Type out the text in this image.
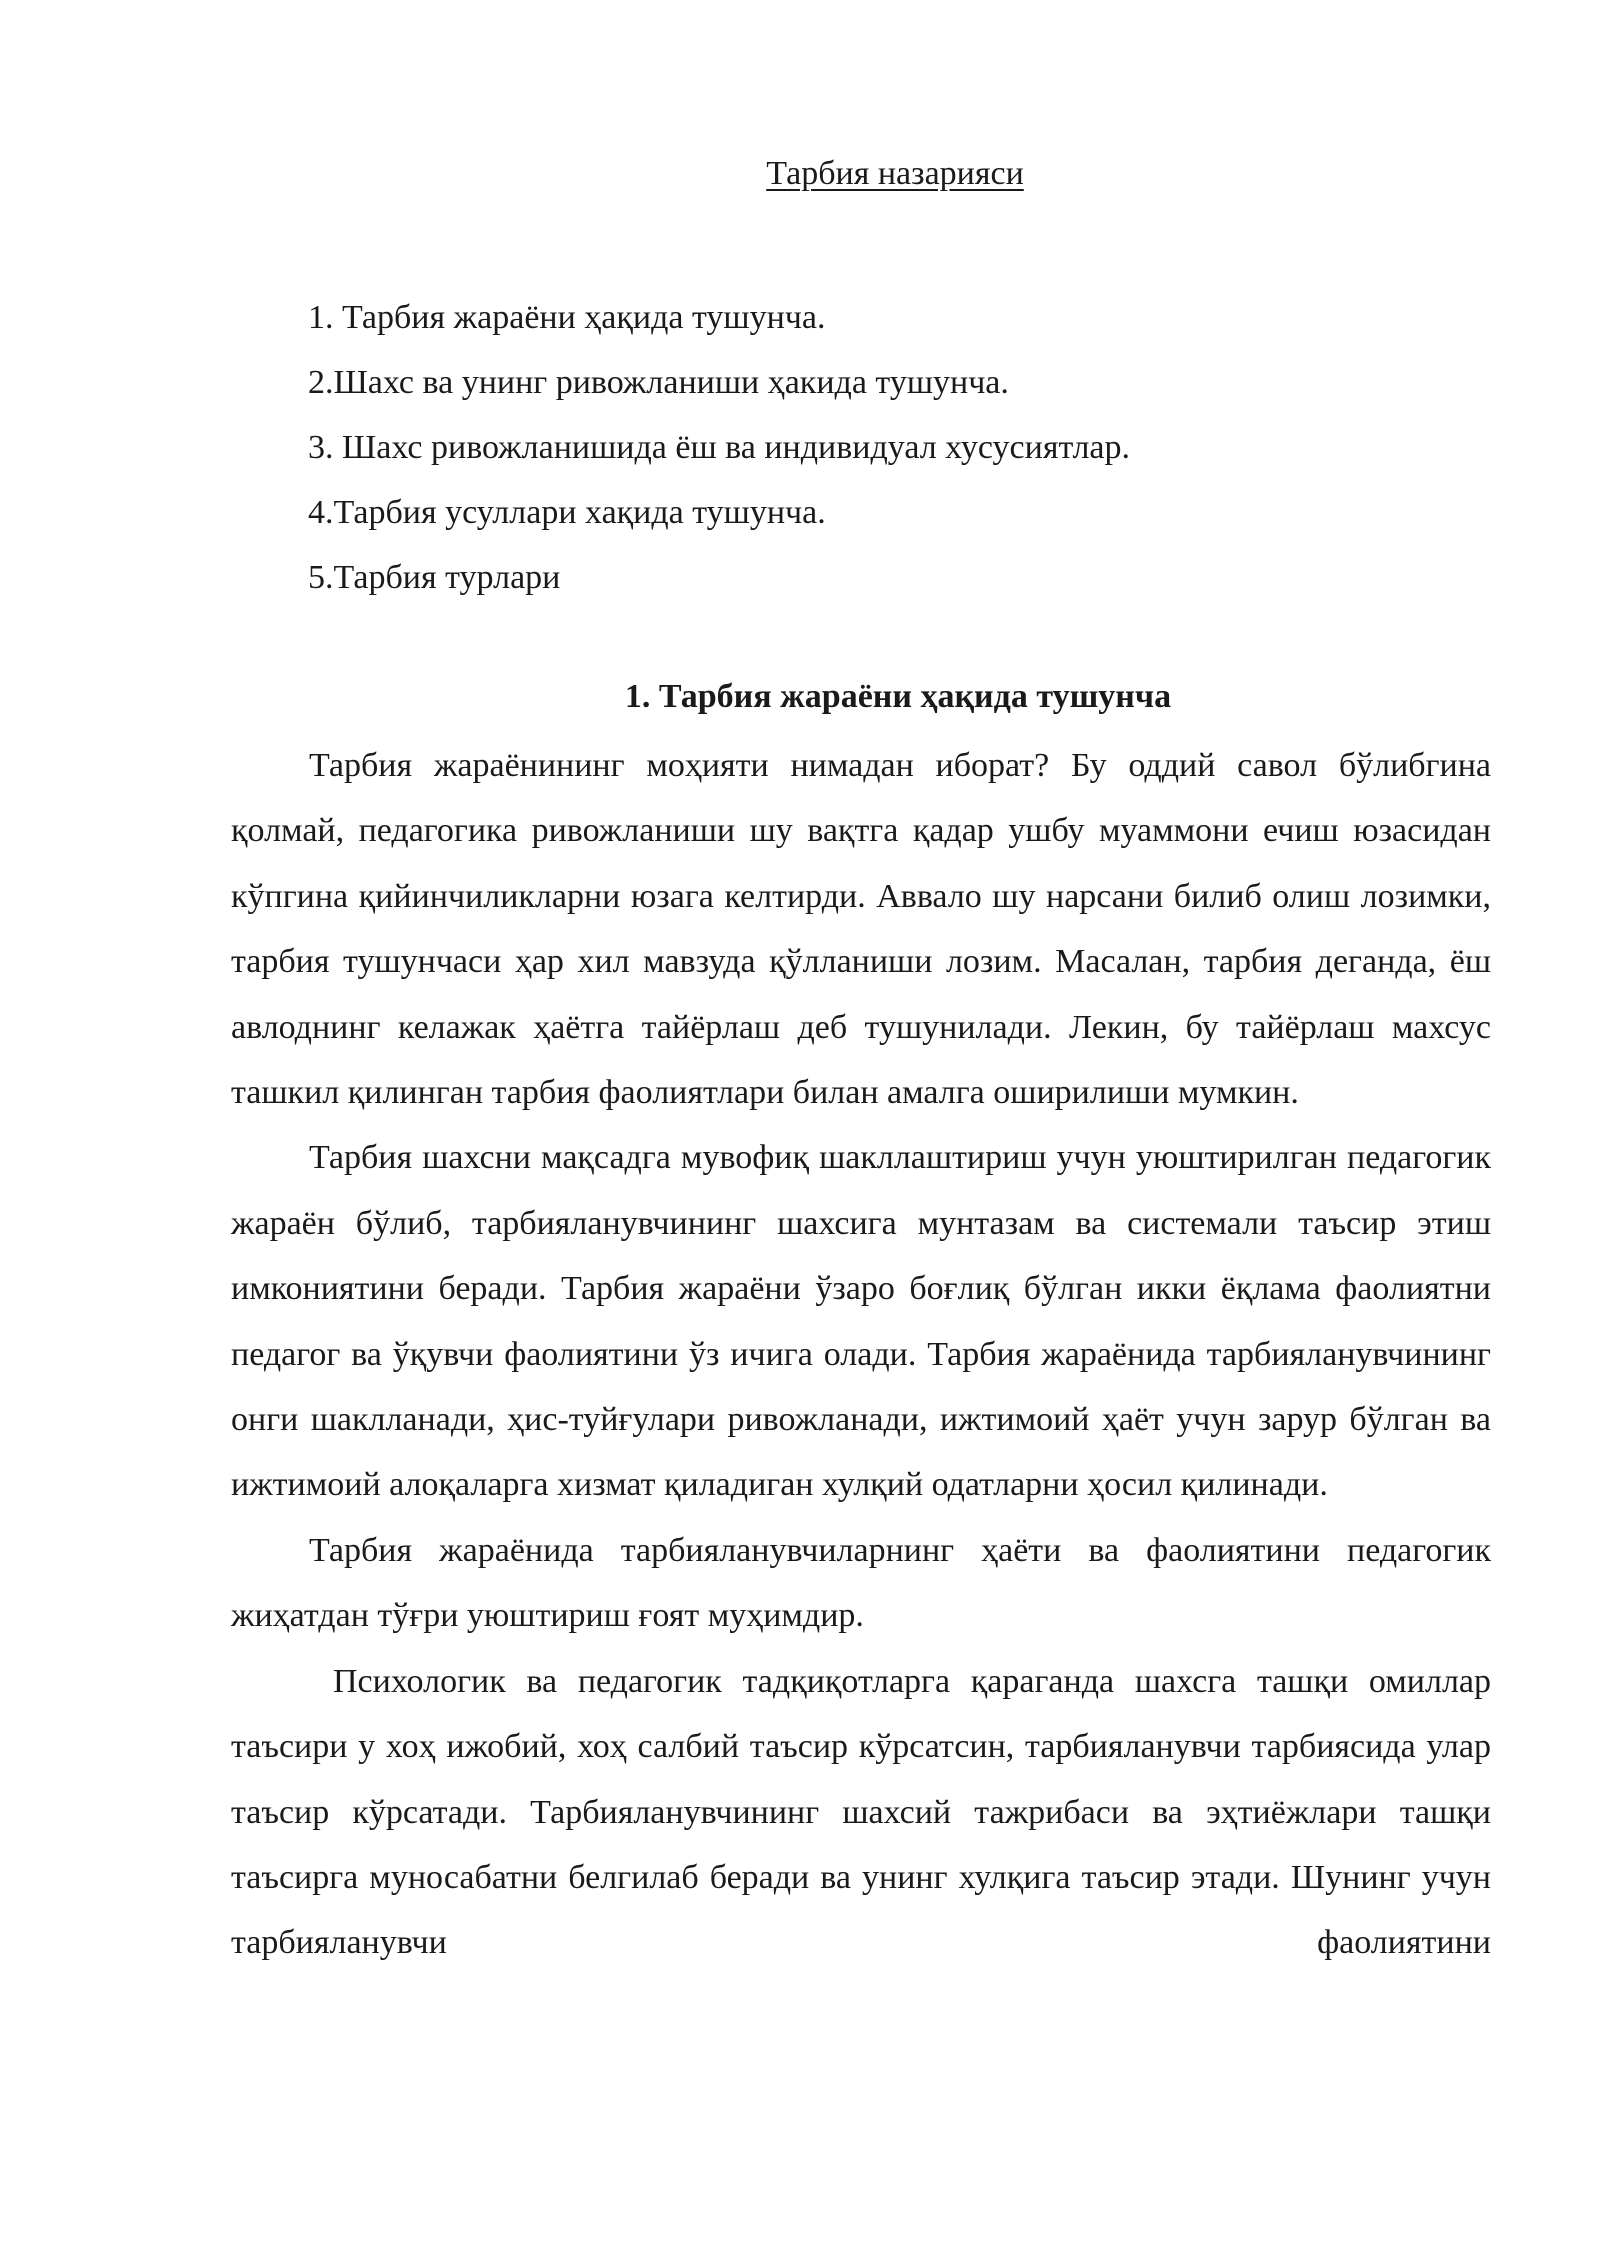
Тарбия назарияси
1. Тарбия жараёни ҳақида тушунча.
2.Шахс ва унинг ривожланиши ҳакида тушунча.
3. Шахс ривожланишида ёш ва индивидуал хусусиятлар.
4.Тарбия усуллари хақида тушунча.
5.Тарбия турлари
1. Тарбия жараёни ҳақида тушунча

Тарбия жараёнининг моҳияти нимадан иборат? Бу оддий савол бўлибгина қолмай, педагогика ривожланиши шу вақтга қадар ушбу муаммони ечиш юзасидан кўпгина қийинчиликларни юзага келтирди. Аввало шу нарсани билиб олиш лозимки, тарбия тушунчаси ҳар хил мавзуда қўлланиши лозим. Масалан, тарбия деганда, ёш авлоднинг келажак ҳаётга тайёрлаш деб тушунилади. Лекин, бу тайёрлаш махсус ташкил қилинган тарбия фаолиятлари билан амалга оширилиши мумкин.

Тарбия шахсни мақсадга мувофиқ шакллаштириш учун уюштирилган педагогик жараён бўлиб, тарбияланувчининг шахсига мунтазам ва системали таъсир этиш имкониятини беради. Тарбия жараёни ўзаро боғлиқ бўлган икки ёқлама фаолиятни педагог ва ўқувчи фаолиятини ўз ичига олади. Тарбия жараёнида тарбияланувчининг онги шаклланади, ҳис-туйғулари ривожланади, ижтимоий ҳаёт учун зарур бўлган ва ижтимоий алоқаларга хизмат қиладиган хулқий одатларни ҳосил қилинади.

Тарбия жараёнида тарбияланувчиларнинг ҳаёти ва фаолиятини педагогик жиҳатдан тўғри уюштириш ғоят муҳимдир.

Психологик ва педагогик тадқиқотларга қараганда шахсга ташқи омиллар таъсири у хоҳ ижобий, хоҳ салбий таъсир кўрсатсин, тарбияланувчи тарбиясида улар таъсир кўрсатади. Тарбияланувчининг шахсий тажрибаси ва эҳтиёжлари ташқи таъсирга муносабатни белгилаб беради ва унинг хулқига таъсир этади. Шунинг учун тарбияланувчи фаолиятини
